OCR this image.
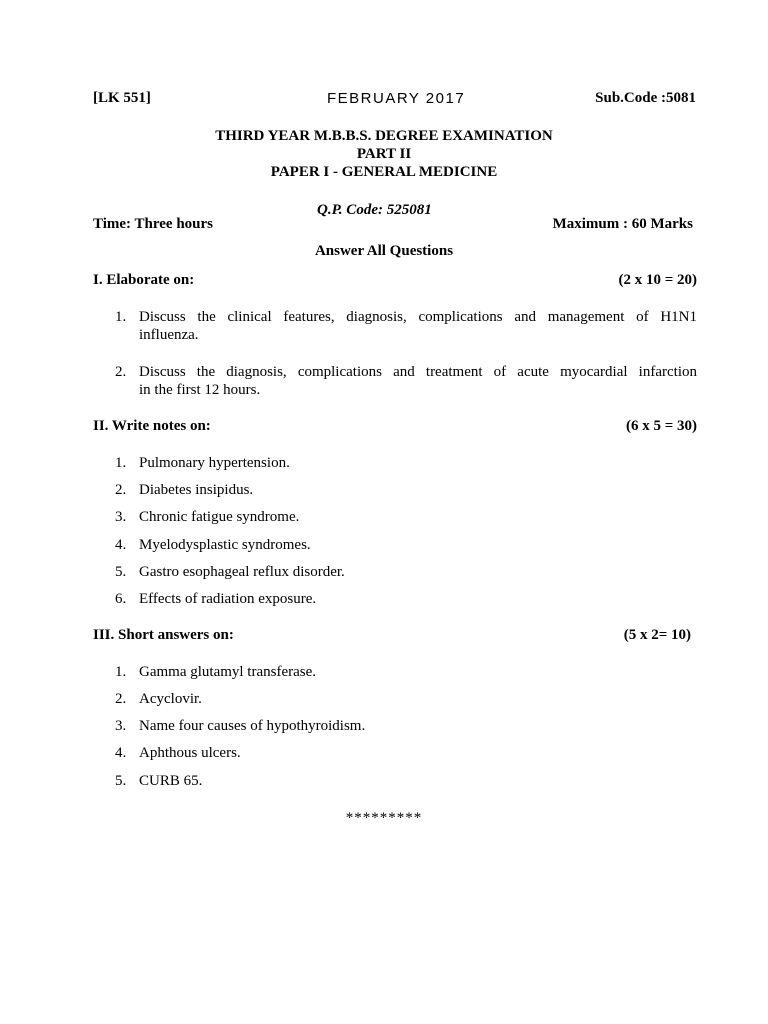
[LK 551]	FEBRUARY 2017	Sub.Code :5081
THIRD YEAR M.B.B.S. DEGREE EXAMINATION
PART II
PAPER I - GENERAL MEDICINE
Q.P. Code: 525081
Time: Three hours	Maximum : 60 Marks
Answer All Questions
I. Elaborate on:	(2 x 10 = 20)
1. Discuss the clinical features, diagnosis, complications and management of H1N1
influenza.
2. Discuss the diagnosis, complications and treatment of acute myocardial infarction
in the first 12 hours.
II. Write notes on:	(6 x 5 = 30)
1. Pulmonary hypertension.
2. Diabetes insipidus.
3. Chronic fatigue syndrome.
4. Myelodysplastic syndromes.
5. Gastro esophageal reflux disorder.
6. Effects of radiation exposure.
III. Short answers on:	(5 x 2= 10)
1. Gamma glutamyl transferase.
2. Acyclovir.
3. Name four causes of hypothyroidism.
4. Aphthous ulcers.
5. CURB 65.
*********
